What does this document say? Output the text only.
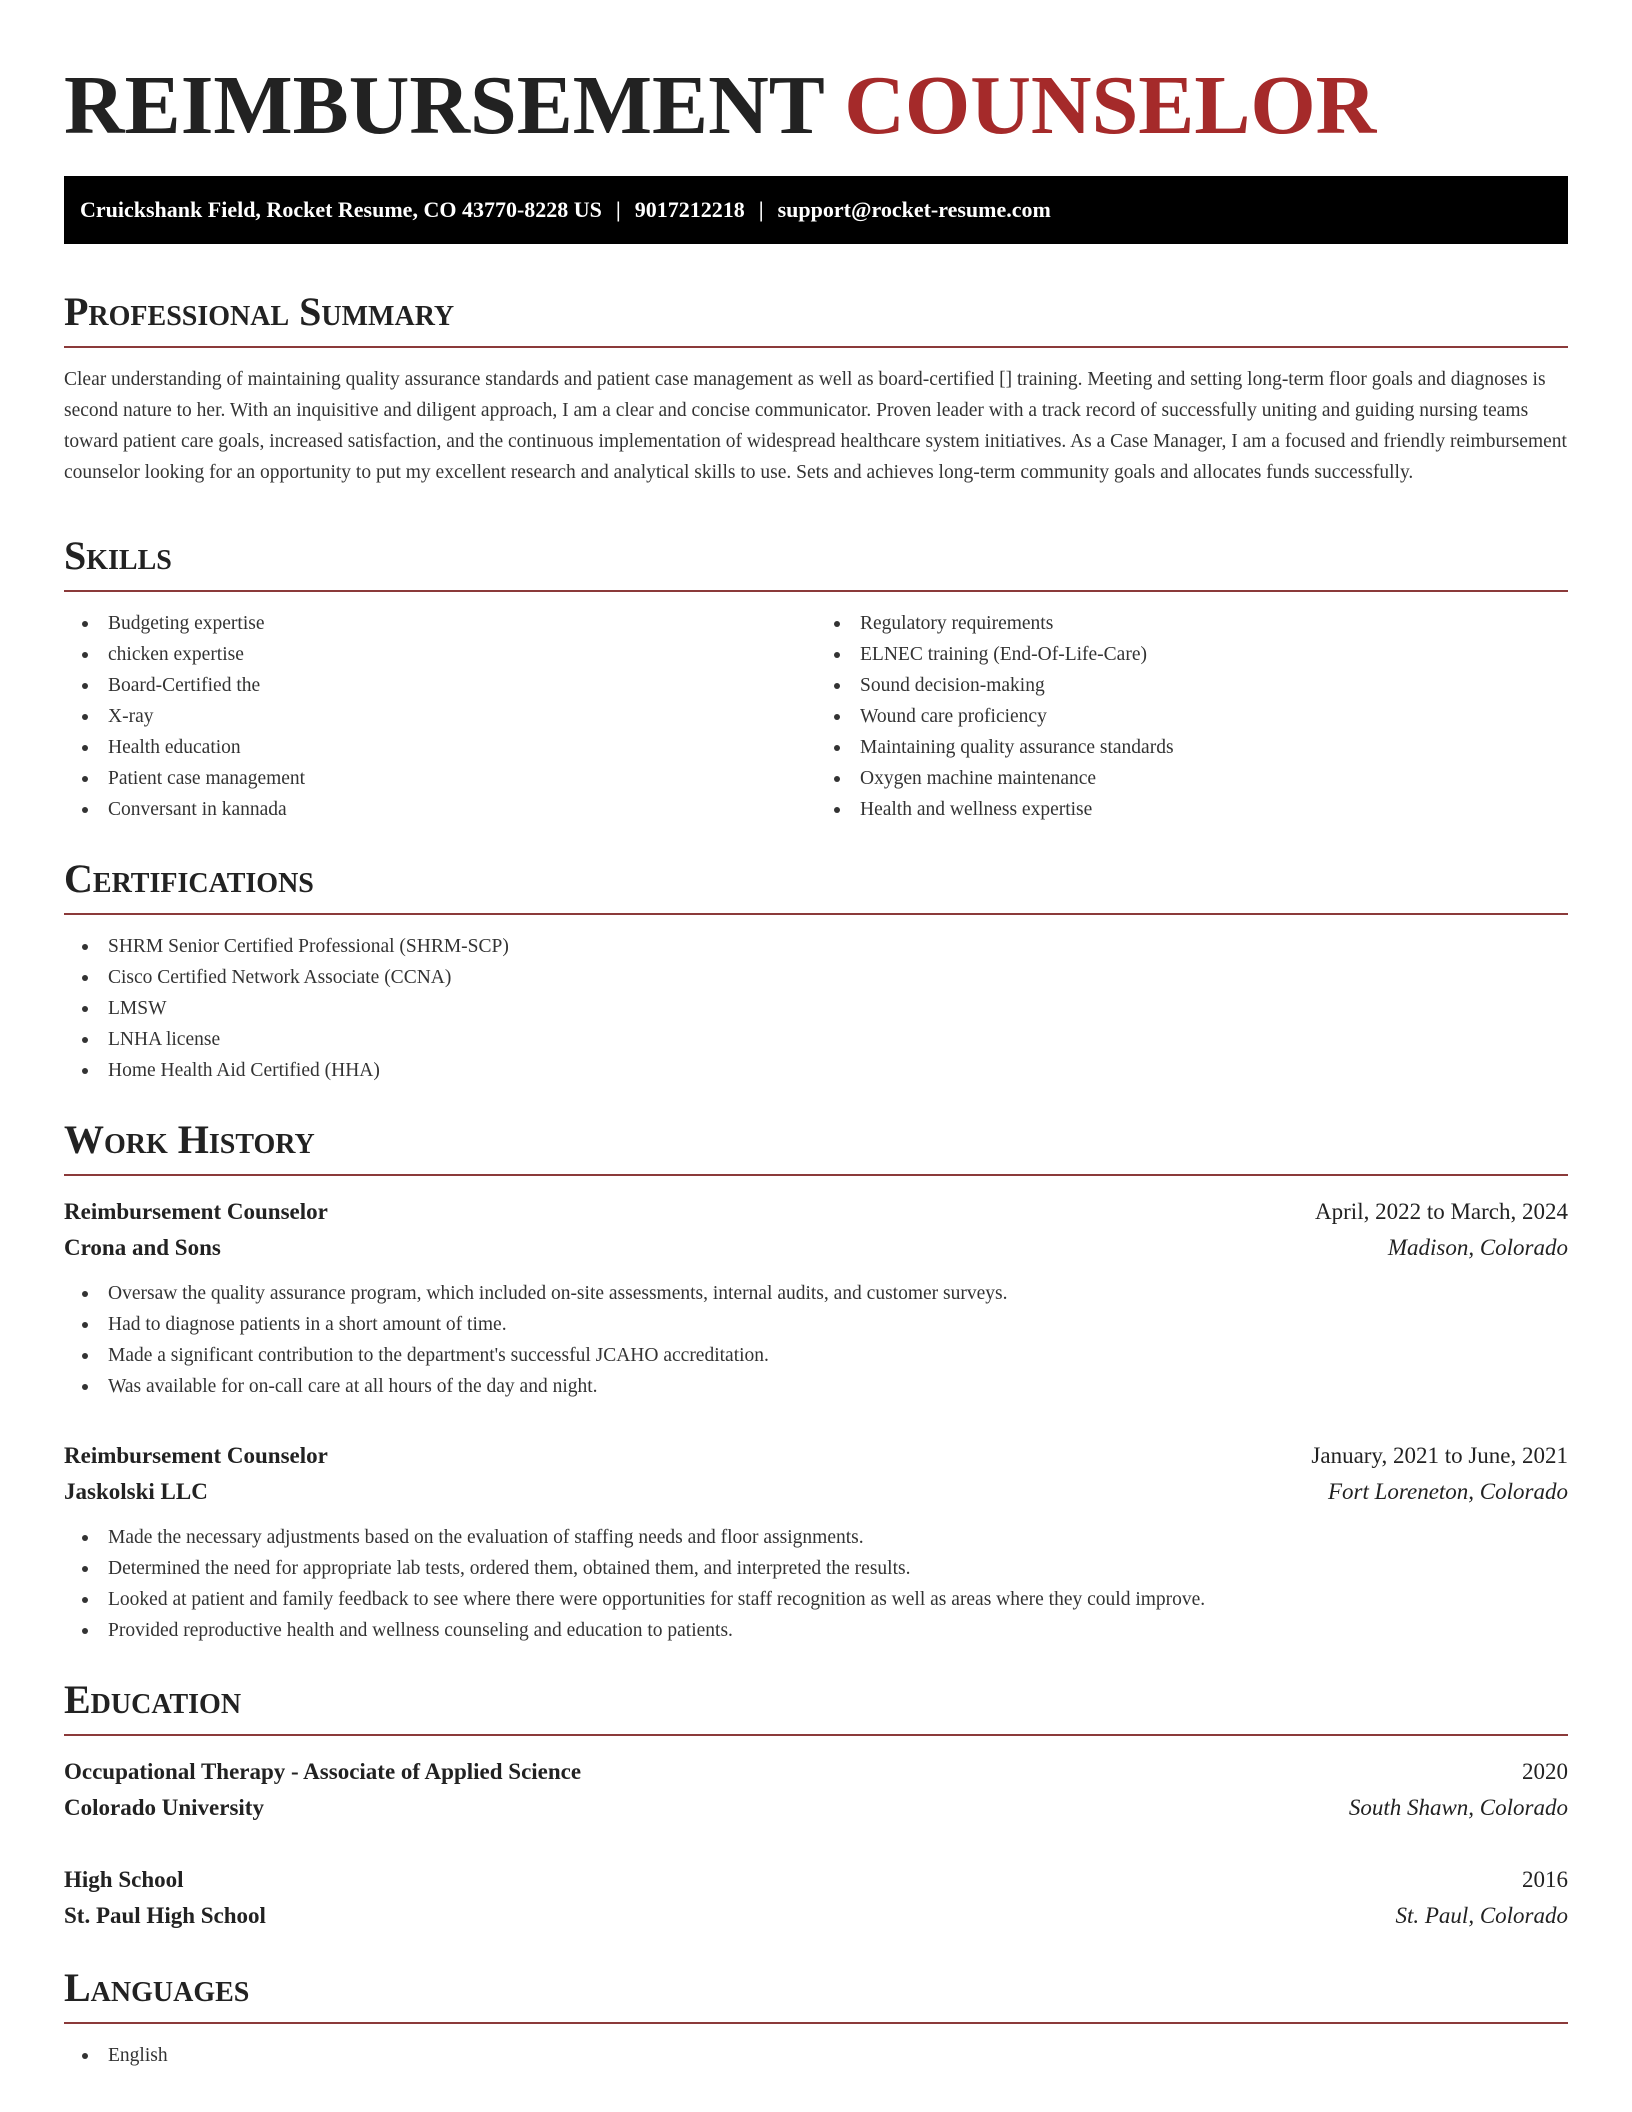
REIMBURSEMENT COUNSELOR
Cruickshank Field, Rocket Resume, CO 43770-8228 US | 9017212218 | support@rocket-resume.com
Professional Summary

Clear understanding of maintaining quality assurance standards and patient case management as well as board-certified [] training. Meeting and setting long-term floor goals and diagnoses is second nature to her. With an inquisitive and diligent approach, I am a clear and concise communicator. Proven leader with a track record of successfully uniting and guiding nursing teams toward patient care goals, increased satisfaction, and the continuous implementation of widespread healthcare system initiatives. As a Case Manager, I am a focused and friendly reimbursement counselor looking for an opportunity to put my excellent research and analytical skills to use. Sets and achieves long-term community goals and allocates funds successfully.

Skills
Budgeting expertise
chicken expertise
Board-Certified the
X-ray
Health education
Patient case management
Conversant in kannada
Regulatory requirements
ELNEC training (End-Of-Life-Care)
Sound decision-making
Wound care proficiency
Maintaining quality assurance standards
Oxygen machine maintenance
Health and wellness expertise
Certifications
SHRM Senior Certified Professional (SHRM-SCP)
Cisco Certified Network Associate (CCNA)
LMSW
LNHA license
Home Health Aid Certified (HHA)
Work History
Reimbursement Counselor	April, 2022 to March, 2024
Crona and Sons	Madison, Colorado
Oversaw the quality assurance program, which included on-site assessments, internal audits, and customer surveys.
Had to diagnose patients in a short amount of time.
Made a significant contribution to the department's successful JCAHO accreditation.
Was available for on-call care at all hours of the day and night.
Reimbursement Counselor	January, 2021 to June, 2021
Jaskolski LLC	Fort Loreneton, Colorado
Made the necessary adjustments based on the evaluation of staffing needs and floor assignments.
Determined the need for appropriate lab tests, ordered them, obtained them, and interpreted the results.
Looked at patient and family feedback to see where there were opportunities for staff recognition as well as areas where they could improve.
Provided reproductive health and wellness counseling and education to patients.
Education
Occupational Therapy - Associate of Applied Science	2020
Colorado University	South Shawn, Colorado
High School	2016
St. Paul High School	St. Paul, Colorado
Languages
English
